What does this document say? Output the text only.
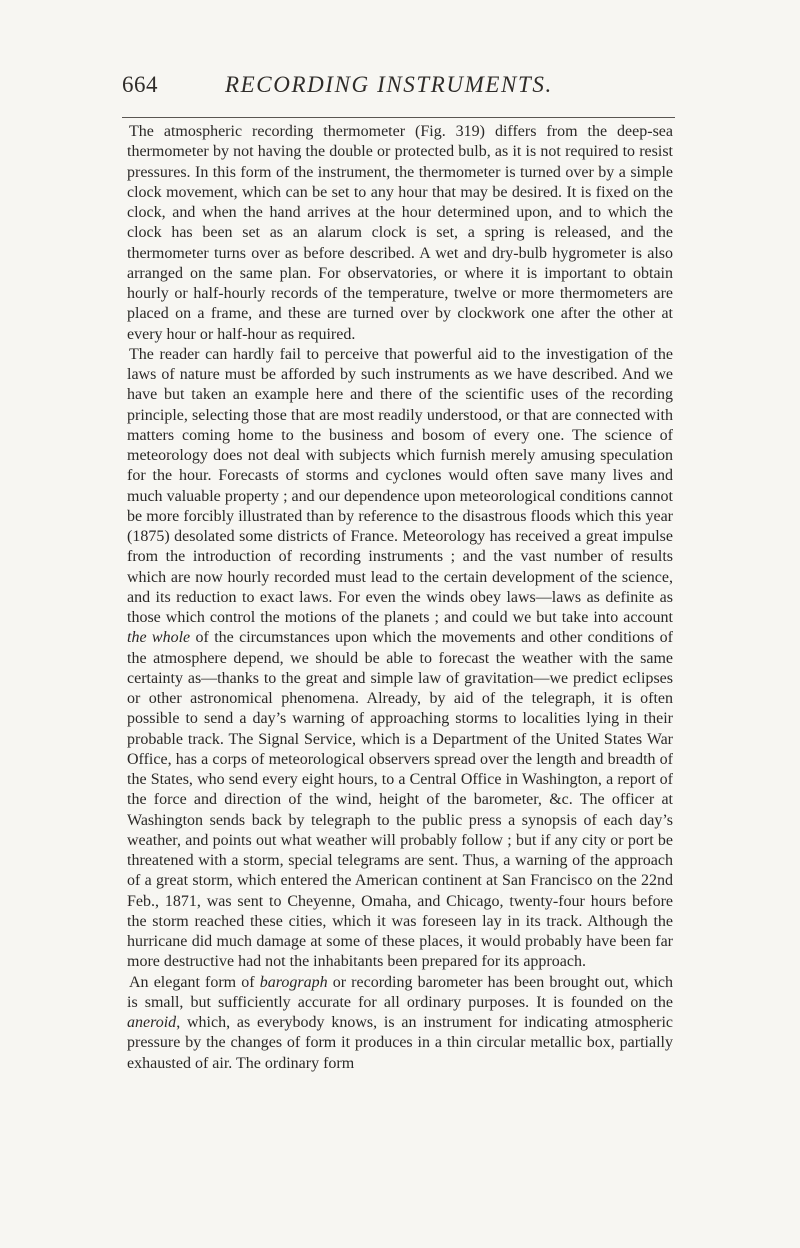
664	RECORDING INSTRUMENTS.

The atmospheric recording thermometer (Fig. 319) differs from the deep-sea thermometer by not having the double or protected bulb, as it is not required to resist pressures. In this form of the instrument, the thermometer is turned over by a simple clock movement, which can be set to any hour that may be desired. It is fixed on the clock, and when the hand arrives at the hour determined upon, and to which the clock has been set as an alarum clock is set, a spring is released, and the thermometer turns over as before described. A wet and dry-bulb hygrometer is also arranged on the same plan. For observatories, or where it is important to obtain hourly or half-hourly records of the temperature, twelve or more thermometers are placed on a frame, and these are turned over by clockwork one after the other at every hour or half-hour as required.

The reader can hardly fail to perceive that powerful aid to the investigation of the laws of nature must be afforded by such instruments as we have described. And we have but taken an example here and there of the scientific uses of the recording principle, selecting those that are most readily understood, or that are connected with matters coming home to the business and bosom of every one. The science of meteorology does not deal with subjects which furnish merely amusing speculation for the hour. Forecasts of storms and cyclones would often save many lives and much valuable property ; and our dependence upon meteorological conditions cannot be more forcibly illustrated than by reference to the disastrous floods which this year (1875) desolated some districts of France. Meteorology has received a great impulse from the introduction of recording instruments ; and the vast number of results which are now hourly recorded must lead to the certain development of the science, and its reduction to exact laws. For even the winds obey laws—laws as definite as those which control the motions of the planets ; and could we but take into account the whole of the circumstances upon which the movements and other conditions of the atmosphere depend, we should be able to forecast the weather with the same certainty as—thanks to the great and simple law of gravitation—we predict eclipses or other astronomical phenomena. Already, by aid of the telegraph, it is often possible to send a day’s warning of approaching storms to localities lying in their probable track. The Signal Service, which is a Department of the United States War Office, has a corps of meteorological observers spread over the length and breadth of the States, who send every eight hours, to a Central Office in Washington, a report of the force and direction of the wind, height of the barometer, &c. The officer at Washington sends back by telegraph to the public press a synopsis of each day’s weather, and points out what weather will probably follow ; but if any city or port be threatened with a storm, special telegrams are sent. Thus, a warning of the approach of a great storm, which entered the American continent at San Francisco on the 22nd Feb., 1871, was sent to Cheyenne, Omaha, and Chicago, twenty-four hours before the storm reached these cities, which it was foreseen lay in its track. Although the hurricane did much damage at some of these places, it would probably have been far more destructive had not the inhabitants been prepared for its approach.

An elegant form of barograph or recording barometer has been brought out, which is small, but sufficiently accurate for all ordinary purposes. It is founded on the aneroid, which, as everybody knows, is an instrument for indicating atmospheric pressure by the changes of form it produces in a thin circular metallic box, partially exhausted of air. The ordinary form
